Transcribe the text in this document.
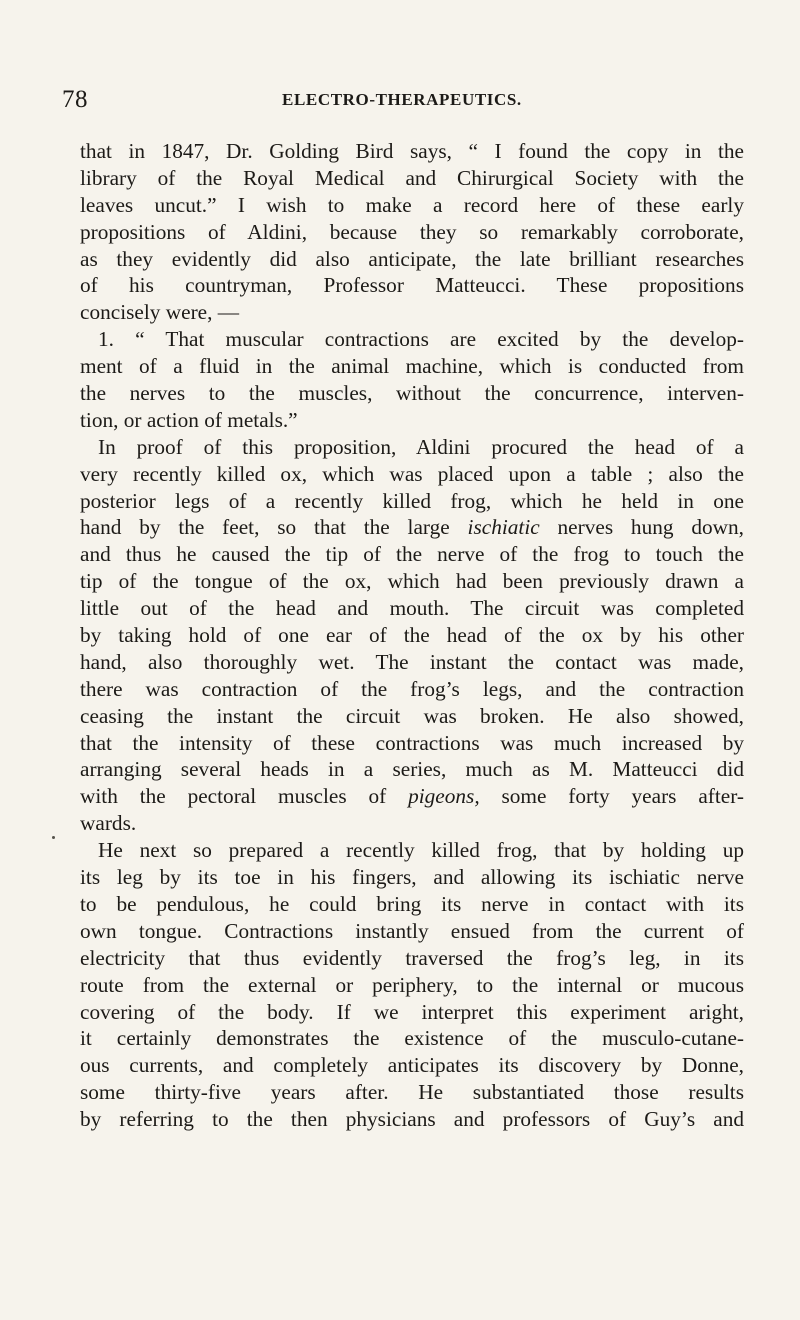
78	ELECTRO-THERAPEUTICS.
that in 1847, Dr. Golding Bird says, “ I found the copy in the
library of the Royal Medical and Chirurgical Society with the
leaves uncut.” I wish to make a record here of these early
propositions of Aldini, because they so remarkably corroborate,
as they evidently did also anticipate, the late brilliant researches
of his countryman, Professor Matteucci. These propositions
concisely were, —
1. “ That muscular contractions are excited by the develop-
ment of a fluid in the animal machine, which is conducted from
the nerves to the muscles, without the concurrence, interven-
tion, or action of metals.”
In proof of this proposition, Aldini procured the head of a
very recently killed ox, which was placed upon a table ; also the
posterior legs of a recently killed frog, which he held in one
hand by the feet, so that the large ischiatic nerves hung down,
and thus he caused the tip of the nerve of the frog to touch the
tip of the tongue of the ox, which had been previously drawn a
little out of the head and mouth. The circuit was completed
by taking hold of one ear of the head of the ox by his other
hand, also thoroughly wet. The instant the contact was made,
there was contraction of the frog’s legs, and the contraction
ceasing the instant the circuit was broken. He also showed,
that the intensity of these contractions was much increased by
arranging several heads in a series, much as M. Matteucci did
with the pectoral muscles of pigeons, some forty years after-
wards.
He next so prepared a recently killed frog, that by holding up
its leg by its toe in his fingers, and allowing its ischiatic nerve
to be pendulous, he could bring its nerve in contact with its
own tongue. Contractions instantly ensued from the current of
electricity that thus evidently traversed the frog’s leg, in its
route from the external or periphery, to the internal or mucous
covering of the body. If we interpret this experiment aright,
it certainly demonstrates the existence of the musculo-cutane-
ous currents, and completely anticipates its discovery by Donne,
some thirty-five years after. He substantiated those results
by referring to the then physicians and professors of Guy’s and
